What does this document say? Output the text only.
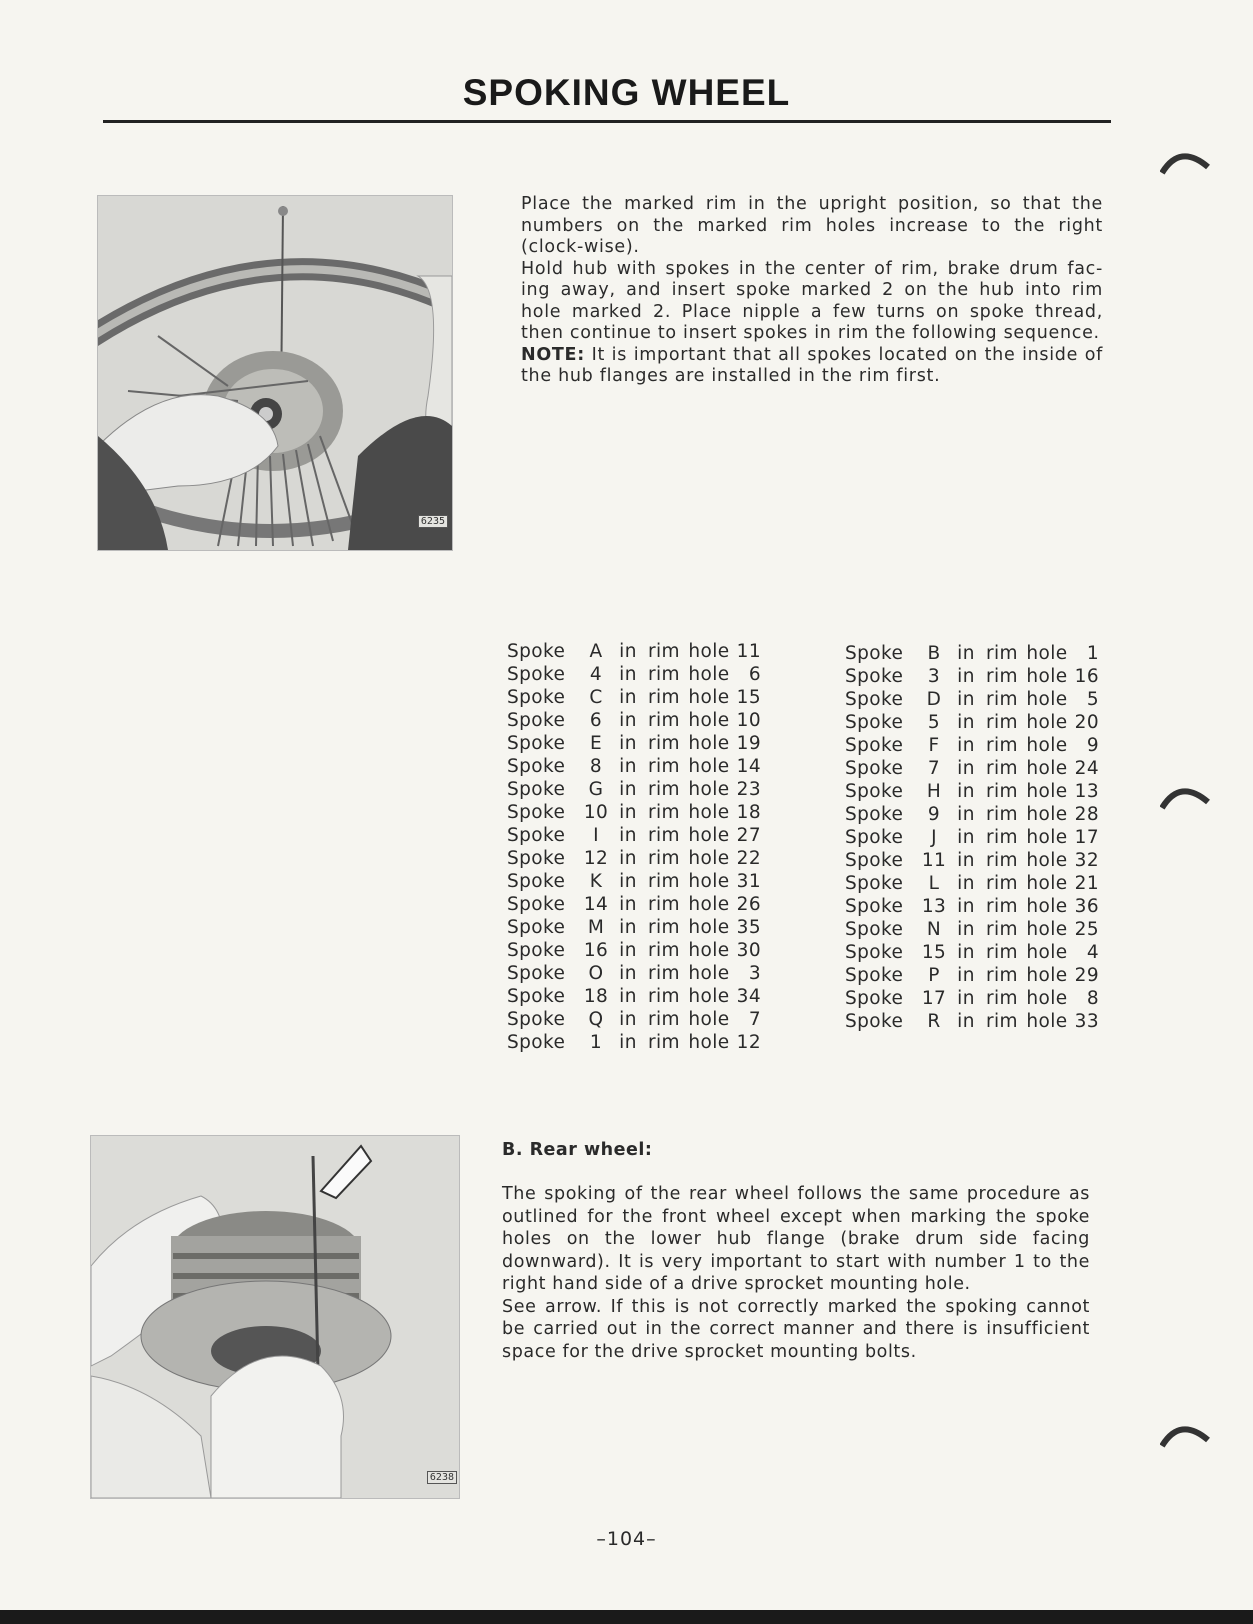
SPOKING WHEEL
6235

Place the marked rim in the upright position, so that the numbers on the marked rim holes increase to the right (clock-wise).

Hold hub with spokes in the center of rim, brake drum fac-ing away, and insert spoke marked 2 on the hub into rim hole marked 2. Place nipple a few turns on spoke thread, then continue to insert spokes in rim the following sequence.

NOTE: It is important that all spokes located on the inside of the hub flanges are installed in the rim first.

Spoke	A in rim hole 11
Spoke	4 in rim hole	6
Spoke	C in rim hole 15
Spoke	6 in rim hole 10
Spoke	E in rim hole 19
Spoke	8 in rim hole 14
Spoke	G in rim hole 23
Spoke	10 in rim hole 18
Spoke	I	in rim hole 27
Spoke	12 in rim hole 22
Spoke	K in rim hole 31
Spoke	14 in rim hole 26
Spoke	M in rim hole 35
Spoke	16 in rim hole 30
Spoke	O in rim hole	3
Spoke	18 in rim hole 34
Spoke	Q in rim hole	7
Spoke	1 in rim hole 12
Spoke	B in rim hole	1
Spoke	3 in rim hole 16
Spoke	D in rim hole	5
Spoke	5 in rim hole 20
Spoke	F in rim hole	9
Spoke	7 in rim hole 24
Spoke	H in rim hole 13
Spoke	9 in rim hole 28
Spoke	J	in rim hole 17
Spoke	11 in rim hole 32
Spoke	L in rim hole 21
Spoke	13 in rim hole 36
Spoke	N in rim hole 25
Spoke	15 in rim hole	4
Spoke	P in rim hole 29
Spoke	17 in rim hole	8
Spoke	R in rim hole 33
6238
B. Rear wheel:

The spoking of the rear wheel follows the same procedure as outlined for the front wheel except when marking the spoke holes on the lower hub flange (brake drum side facing downward). It is very important to start with number 1 to the right hand side of a drive sprocket mounting hole.

See arrow. If this is not correctly marked the spoking cannot be carried out in the correct manner and there is insufficient space for the drive sprocket mounting bolts.

–104–
